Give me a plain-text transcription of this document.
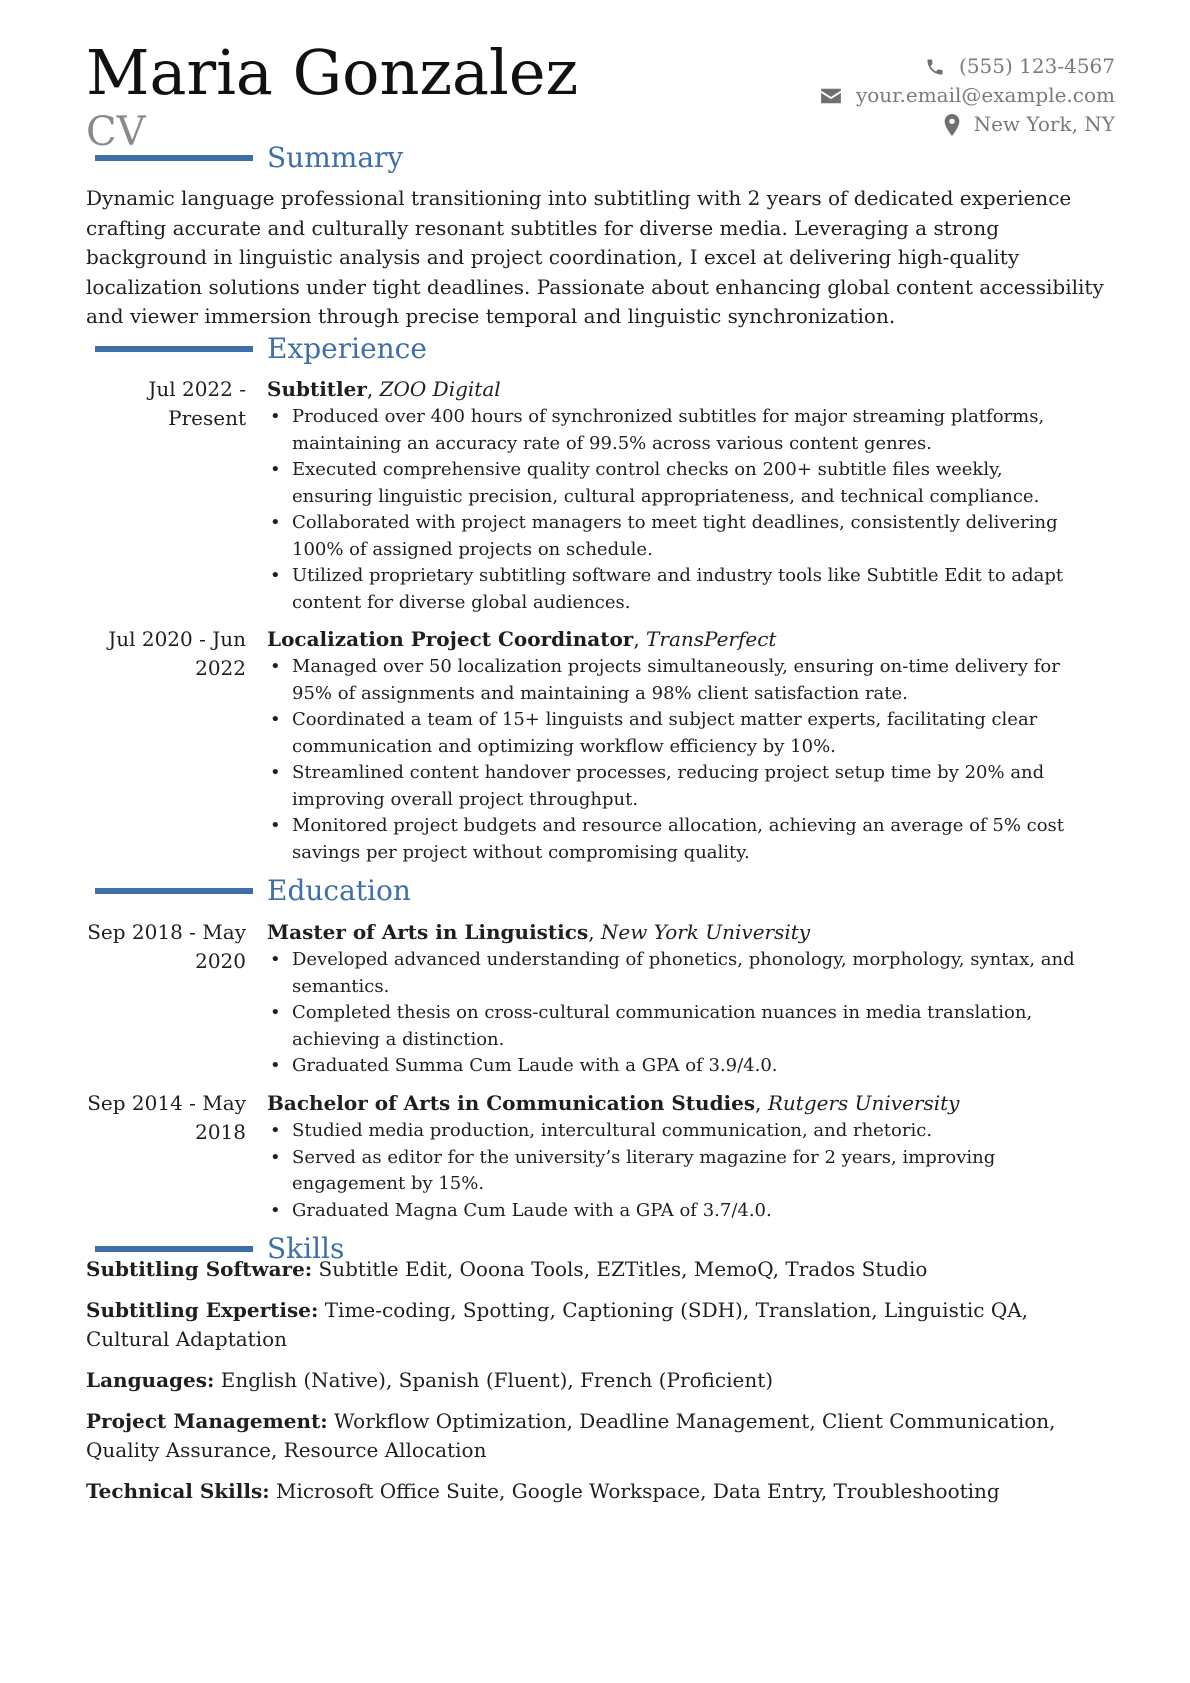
Maria Gonzalez
CV
(555) 123-4567
your.email@example.com
New York, NY
Summary
Dynamic language professional transitioning into subtitling with 2 years of dedicated experience crafting accurate and culturally resonant subtitles for diverse media. Leveraging a strong background in linguistic analysis and project coordination, I excel at delivering high-quality localization solutions under tight deadlines. Passionate about enhancing global content accessibility and viewer immersion through precise temporal and linguistic synchronization.
Experience
Jul 2022 - Present
Subtitler, ZOO Digital
• Produced over 400 hours of synchronized subtitles for major streaming platforms, maintaining an accuracy rate of 99.5% across various content genres.
• Executed comprehensive quality control checks on 200+ subtitle files weekly, ensuring linguistic precision, cultural appropriateness, and technical compliance.
• Collaborated with project managers to meet tight deadlines, consistently delivering 100% of assigned projects on schedule.
• Utilized proprietary subtitling software and industry tools like Subtitle Edit to adapt content for diverse global audiences.
Jul 2020 - Jun 2022
Localization Project Coordinator, TransPerfect
• Managed over 50 localization projects simultaneously, ensuring on-time delivery for 95% of assignments and maintaining a 98% client satisfaction rate.
• Coordinated a team of 15+ linguists and subject matter experts, facilitating clear communication and optimizing workflow efficiency by 10%.
• Streamlined content handover processes, reducing project setup time by 20% and improving overall project throughput.
• Monitored project budgets and resource allocation, achieving an average of 5% cost savings per project without compromising quality.
Education
Sep 2018 - May 2020
Master of Arts in Linguistics, New York University
• Developed advanced understanding of phonetics, phonology, morphology, syntax, and semantics.
• Completed thesis on cross-cultural communication nuances in media translation, achieving a distinction.
• Graduated Summa Cum Laude with a GPA of 3.9/4.0.
Sep 2014 - May 2018
Bachelor of Arts in Communication Studies, Rutgers University
• Studied media production, intercultural communication, and rhetoric.
• Served as editor for the university’s literary magazine for 2 years, improving engagement by 15%.
• Graduated Magna Cum Laude with a GPA of 3.7/4.0.
Skills
Subtitling Software: Subtitle Edit, Ooona Tools, EZTitles, MemoQ, Trados Studio
Subtitling Expertise: Time-coding, Spotting, Captioning (SDH), Translation, Linguistic QA, Cultural Adaptation
Languages: English (Native), Spanish (Fluent), French (Proficient)
Project Management: Workflow Optimization, Deadline Management, Client Communication, Quality Assurance, Resource Allocation
Technical Skills: Microsoft Office Suite, Google Workspace, Data Entry, Troubleshooting
